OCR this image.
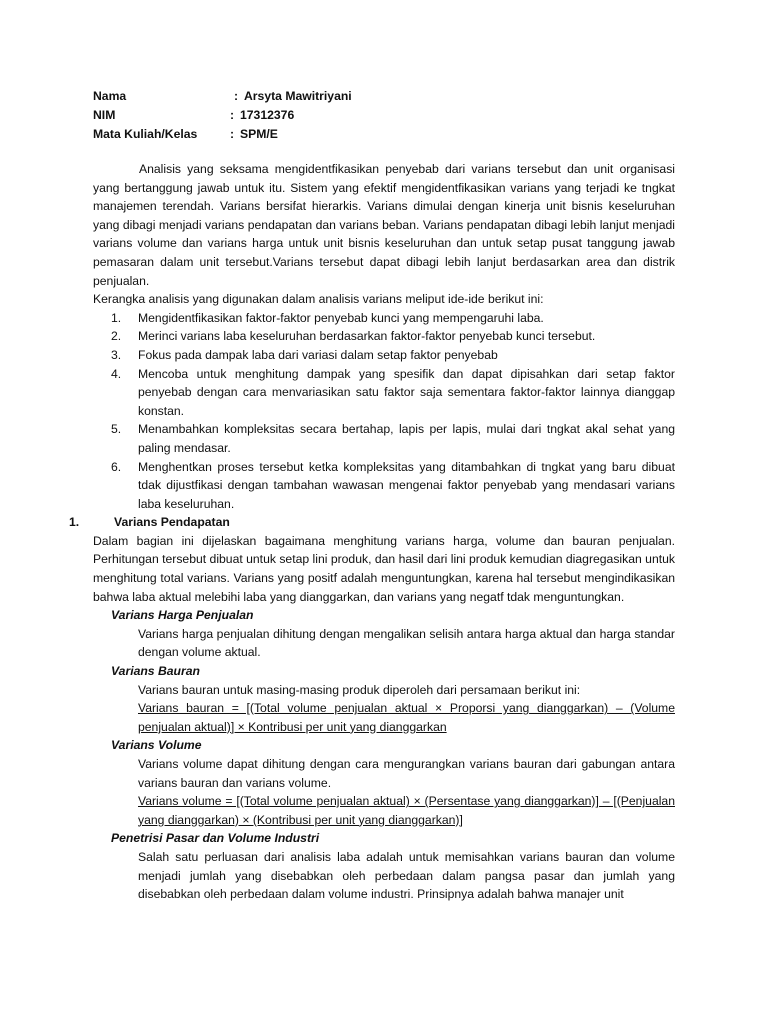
Nama	: Arsyta Mawitriyani
NIM	: 17312376
Mata Kuliah/Kelas	: SPM/E

Analisis yang seksama mengidentfikasikan penyebab dari varians tersebut dan unit organisasi yang bertanggung jawab untuk itu. Sistem yang efektif mengidentfikasikan varians yang terjadi ke tngkat manajemen terendah. Varians bersifat hierarkis. Varians dimulai dengan kinerja unit bisnis keseluruhan yang dibagi menjadi varians pendapatan dan varians beban. Varians pendapatan dibagi lebih lanjut menjadi varians volume dan varians harga untuk unit bisnis keseluruhan dan untuk setap pusat tanggung jawab pemasaran dalam unit tersebut.Varians tersebut dapat dibagi lebih lanjut berdasarkan area dan distrik penjualan.

Kerangka analisis yang digunakan dalam analisis varians meliput ide-ide berikut ini:

1.	Mengidentfikasikan faktor-faktor penyebab kunci yang mempengaruhi laba.
2.	Merinci varians laba keseluruhan berdasarkan faktor-faktor penyebab kunci tersebut.
3.	Fokus pada dampak laba dari variasi dalam setap faktor penyebab
4.	Mencoba untuk menghitung dampak yang spesifik dan dapat dipisahkan dari setap faktor penyebab dengan cara menvariasikan satu faktor saja sementara faktor-faktor lainnya dianggap konstan.
5.	Menambahkan kompleksitas secara bertahap, lapis per lapis, mulai dari tngkat akal sehat yang paling mendasar.
6.	Menghentkan proses tersebut ketka kompleksitas yang ditambahkan di tngkat yang baru dibuat tdak dijustfikasi dengan tambahan wawasan mengenai faktor penyebab yang mendasari varians laba keseluruhan.
1.	Varians Pendapatan

Dalam bagian ini dijelaskan bagaimana menghitung varians harga, volume dan bauran penjualan. Perhitungan tersebut dibuat untuk setap lini produk, dan hasil dari lini produk kemudian diagregasikan untuk menghitung total varians. Varians yang positf adalah menguntungkan, karena hal tersebut mengindikasikan bahwa laba aktual melebihi laba yang dianggarkan, dan varians yang negatf tdak menguntungkan.

Varians Harga Penjualan
Varians harga penjualan dihitung dengan mengalikan selisih antara harga aktual dan harga standar dengan volume aktual.
Varians Bauran
Varians bauran untuk masing-masing produk diperoleh dari persamaan berikut ini:
Varians bauran = [(Total volume penjualan aktual × Proporsi yang dianggarkan) – (Volume penjualan aktual)] × Kontribusi per unit yang dianggarkan
Varians Volume
Varians volume dapat dihitung dengan cara mengurangkan varians bauran dari gabungan antara varians bauran dan varians volume.
Varians volume = [(Total volume penjualan aktual) × (Persentase yang dianggarkan)] – [(Penjualan yang dianggarkan) × (Kontribusi per unit yang dianggarkan)]
Penetrisi Pasar dan Volume Industri
Salah satu perluasan dari analisis laba adalah untuk memisahkan varians bauran dan volume menjadi jumlah yang disebabkan oleh perbedaan dalam pangsa pasar dan jumlah yang disebabkan oleh perbedaan dalam volume industri. Prinsipnya adalah bahwa manajer unit
